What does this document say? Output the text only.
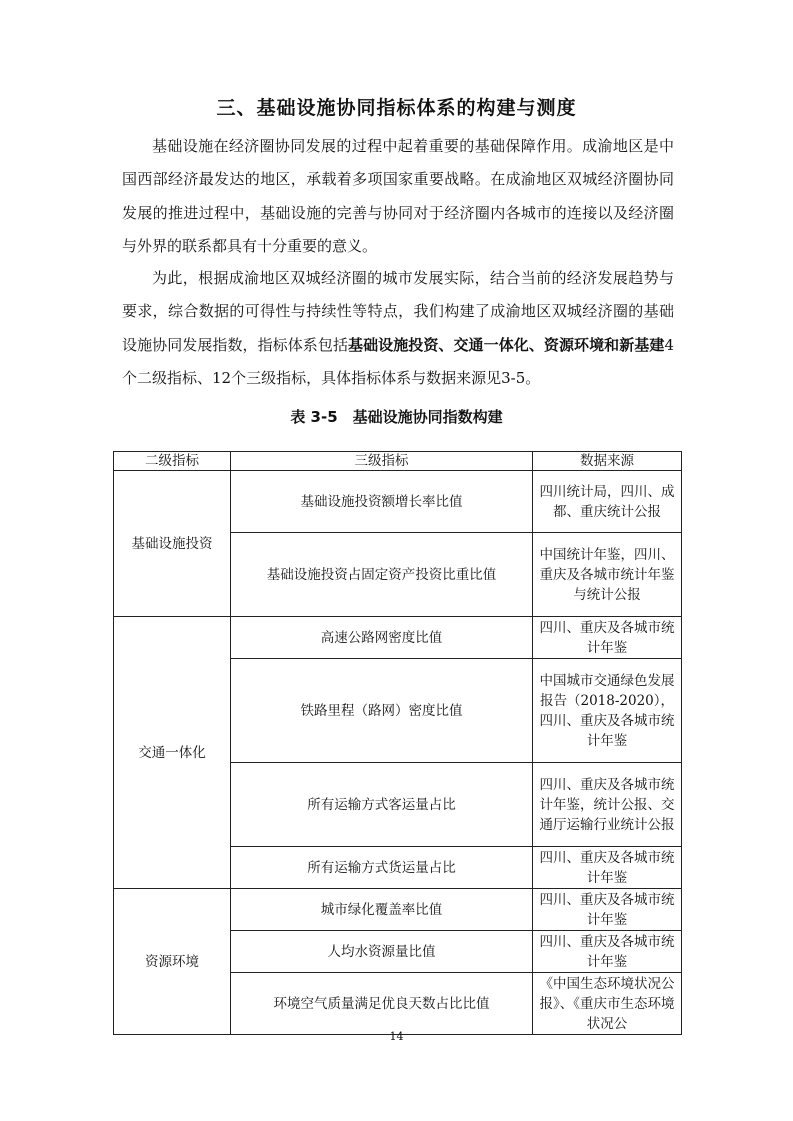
三、基础设施协同指标体系的构建与测度

基础设施在经济圈协同发展的过程中起着重要的基础保障作用。成渝地区是中国西部经济最发达的地区，承载着多项国家重要战略。在成渝地区双城经济圈协同发展的推进过程中，基础设施的完善与协同对于经济圈内各城市的连接以及经济圈与外界的联系都具有十分重要的意义。

为此，根据成渝地区双城经济圈的城市发展实际，结合当前的经济发展趋势与要求，综合数据的可得性与持续性等特点，我们构建了成渝地区双城经济圈的基础设施协同发展指数，指标体系包括基础设施投资、交通一体化、资源环境和新基建4个二级指标、12个三级指标，具体指标体系与数据来源见3-5。

表 3-5　基础设施协同指数构建
二级指标	三级指标	数据来源
基础设施投资	基础设施投资额增长率比值	四川统计局，四川、成都、重庆统计公报
	基础设施投资占固定资产投资比重比值	中国统计年鉴，四川、重庆及各城市统计年鉴与统计公报
交通一体化	高速公路网密度比值	四川、重庆及各城市统计年鉴
	铁路里程（路网）密度比值	中国城市交通绿色发展报告（2018-2020），四川、重庆及各城市统计年鉴
	所有运输方式客运量占比	四川、重庆及各城市统计年鉴，统计公报、交通厅运输行业统计公报
	所有运输方式货运量占比	四川、重庆及各城市统计年鉴
资源环境	城市绿化覆盖率比值	四川、重庆及各城市统计年鉴
	人均水资源量比值	四川、重庆及各城市统计年鉴
	环境空气质量满足优良天数占比比值	《中国生态环境状况公报》、《重庆市生态环境状况公
14
